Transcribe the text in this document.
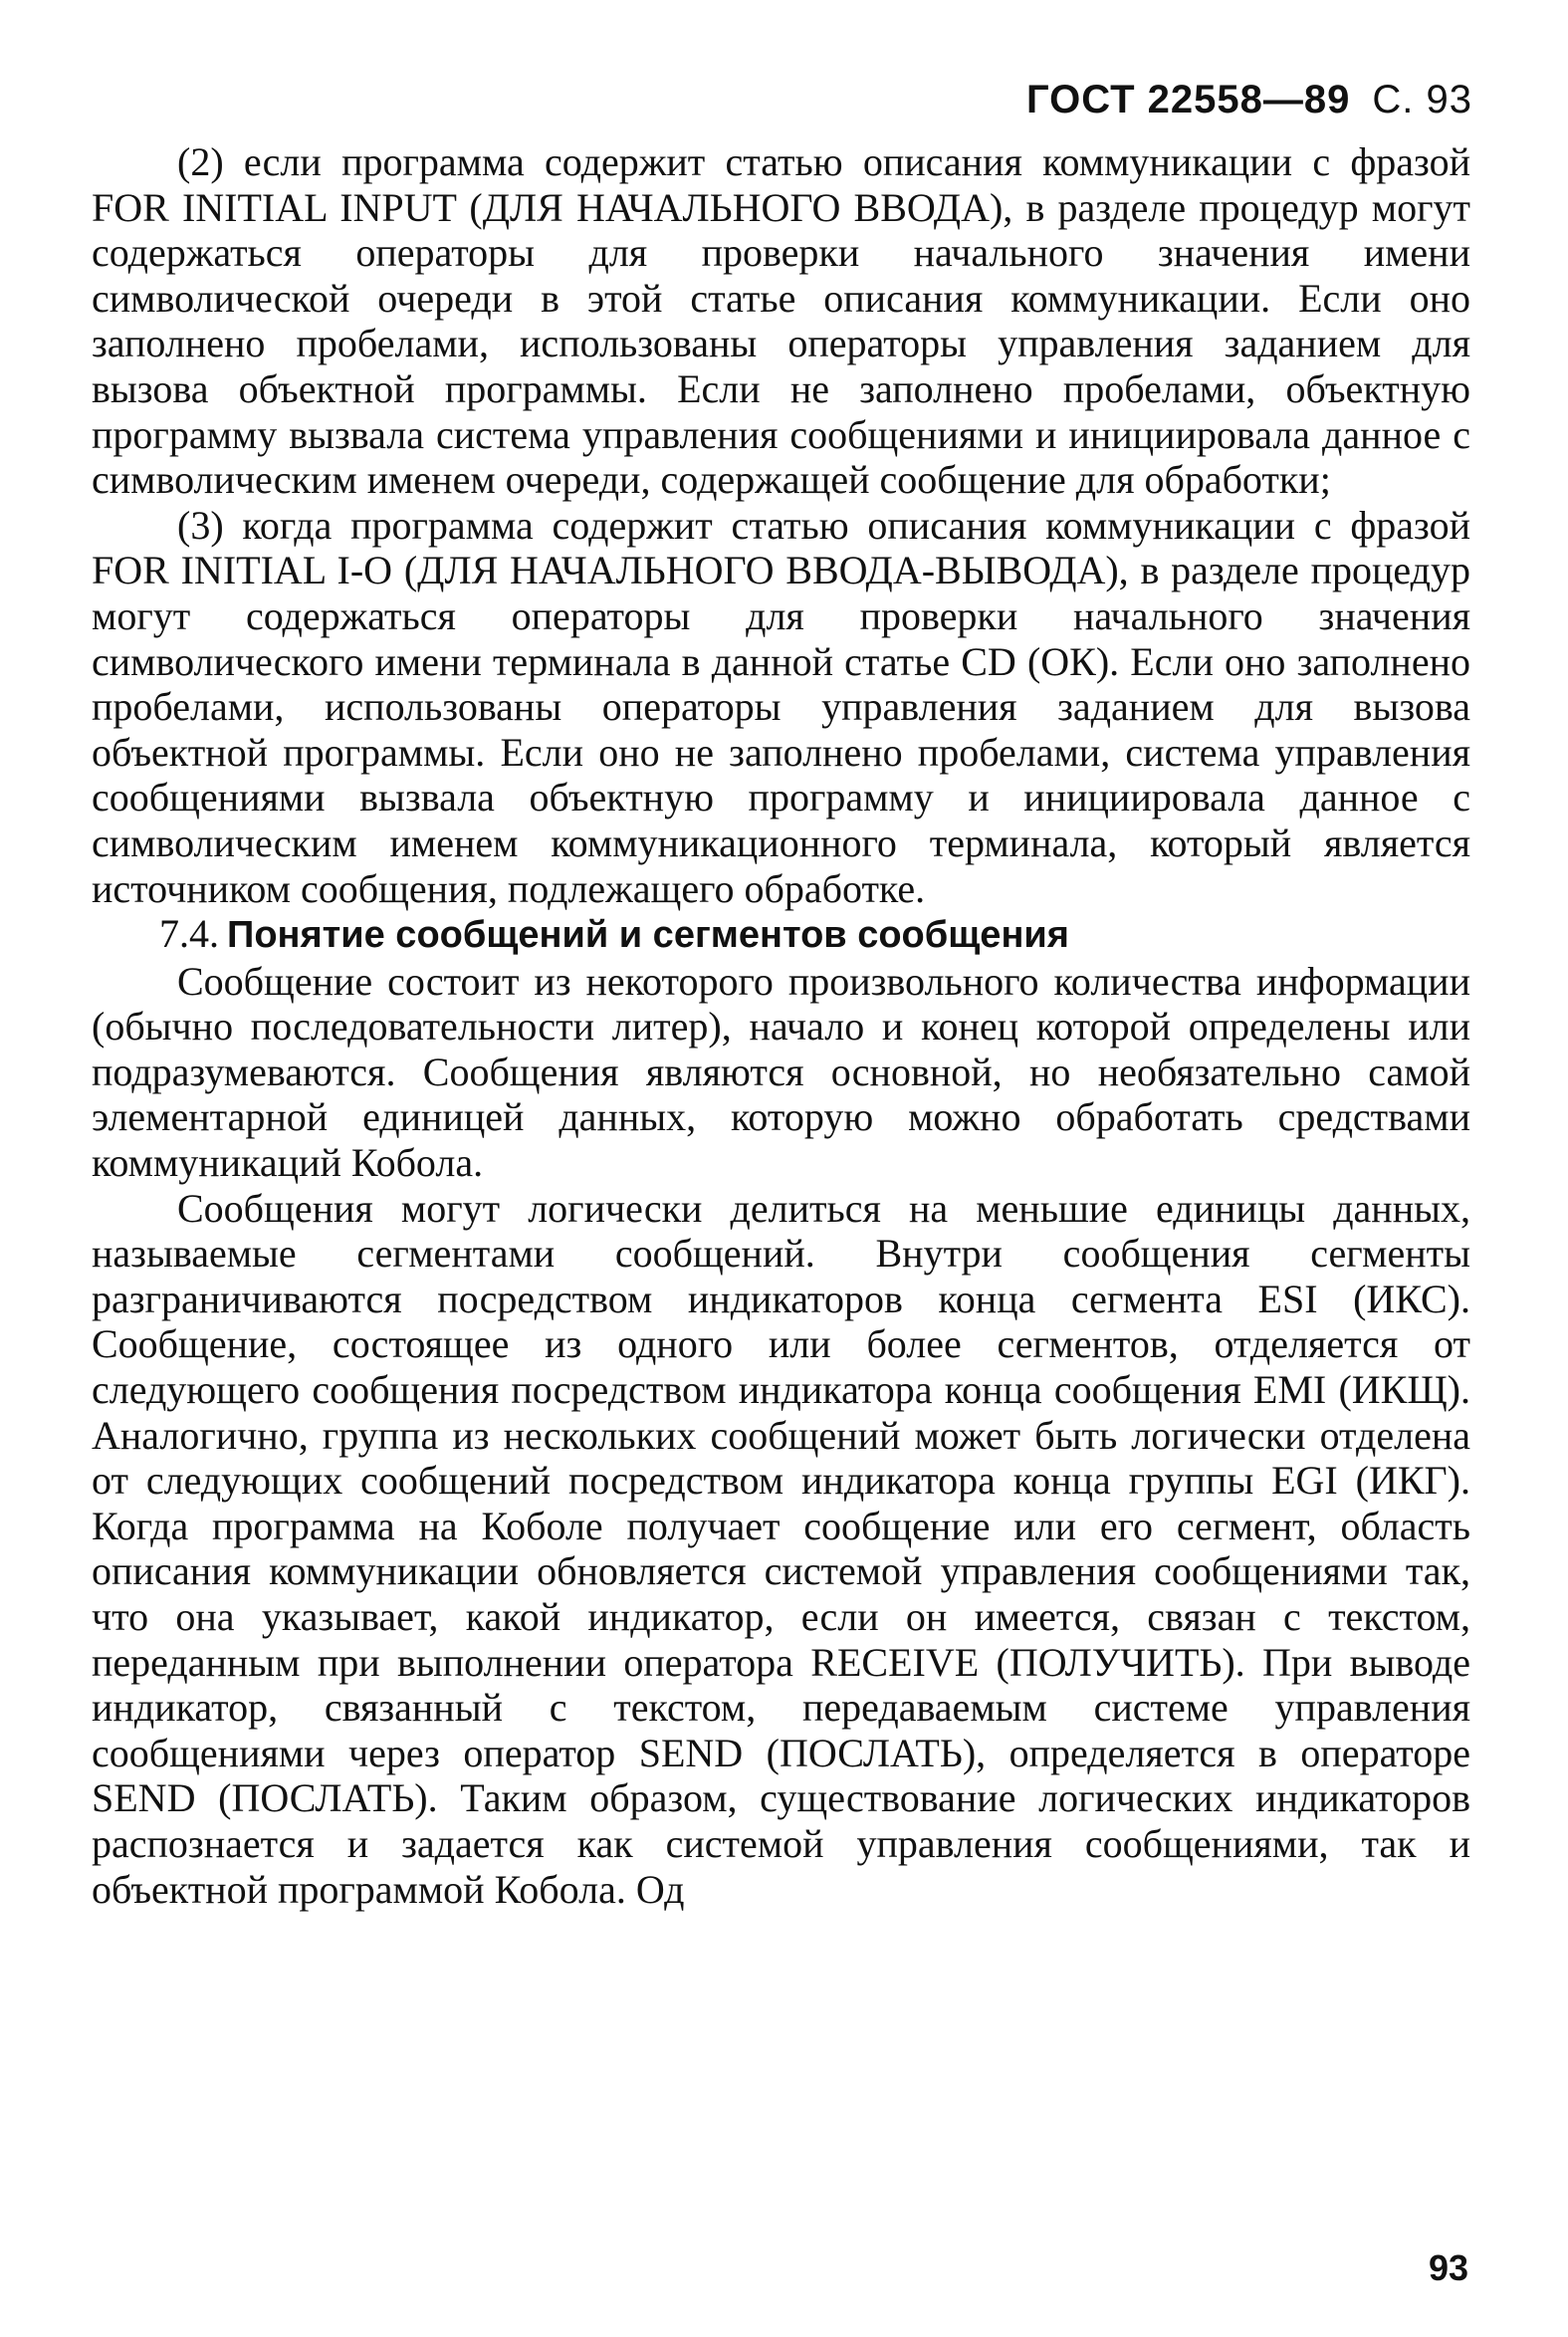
ГОСТ 22558—89 С. 93

(2) если программа содержит статью описания коммуникации с фразой FOR INITIAL INPUT (ДЛЯ НАЧАЛЬНОГО ВВОДА), в разделе процедур могут содержаться операторы для проверки начального значения имени символической очереди в этой статье описания коммуникации. Если оно заполнено пробелами, использованы операторы управления заданием для вызова объектной программы. Если не заполнено пробелами, объектную программу вызвала система управления сообщениями и инициировала данное с символическим именем очереди, содержащей сообщение для обработки;

(3) когда программа содержит статью описания коммуникации с фразой FOR INITIAL I-O (ДЛЯ НАЧАЛЬНОГО ВВОДА-ВЫВОДА), в разделе процедур могут содержаться операторы для проверки начального значения символического имени терминала в данной статье CD (ОК). Если оно заполнено пробелами, использованы операторы управления заданием для вызова объектной программы. Если оно не заполнено пробелами, система управления сообщениями вызвала объектную программу и инициировала данное с символическим именем коммуникационного терминала, который является источником сообщения, подлежащего обработке.

7.4. Понятие сообщений и сегментов сообщения

Сообщение состоит из некоторого произвольного количества информации (обычно последовательности литер), начало и конец которой определены или подразумеваются. Сообщения являются основной, но необязательно самой элементарной единицей данных, которую можно обработать средствами коммуникаций Кобола.

Сообщения могут логически делиться на меньшие единицы данных, называемые сегментами сообщений. Внутри сообщения сегменты разграничиваются посредством индикаторов конца сегмента ESI (ИКС). Сообщение, состоящее из одного или более сегментов, отделяется от следующего сообщения посредством индикатора конца сообщения EMI (ИКЩ). Аналогично, группа из нескольких сообщений может быть логически отделена от следующих сообщений посредством индикатора конца группы EGI (ИКГ). Когда программа на Коболе получает сообщение или его сегмент, область описания коммуникации обновляется системой управления сообщениями так, что она указывает, какой индикатор, если он имеется, связан с текстом, переданным при выполнении оператора RECEIVE (ПОЛУЧИТЬ). При выводе индикатор, связанный с текстом, передаваемым системе управления сообщениями через оператор SEND (ПОСЛАТЬ), определяется в операторе SEND (ПОСЛАТЬ). Таким образом, существование логических индикаторов распознается и задается как системой управления сообщениями, так и объектной программой Кобола. Од

93
